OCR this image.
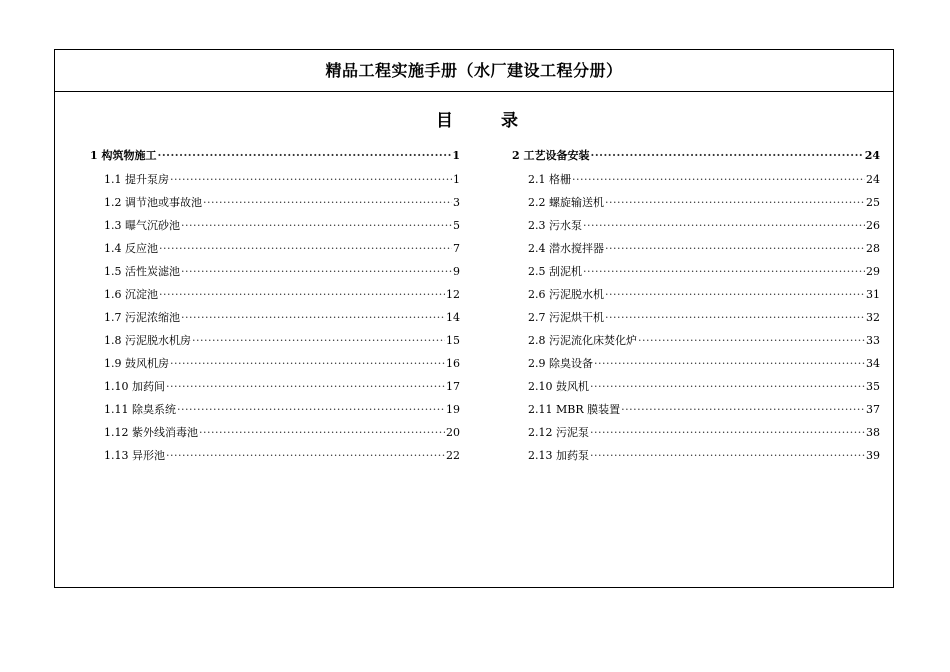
精品工程实施手册（水厂建设工程分册）
目	录
1 构筑物施工 ·····	1
1.1 提升泵房 ·····	1
1.2 调节池或事故池 ·····	3
1.3 曝气沉砂池 ·····	5
1.4 反应池 ·····	7
1.5 活性炭滤池 ·····	9
1.6 沉淀池 ·····	12
1.7 污泥浓缩池 ·····	14
1.8 污泥脱水机房 ·····	15
1.9 鼓风机房 ·····	16
1.10 加药间 ·····	17
1.11 除臭系统 ·····	19
1.12 紫外线消毒池 ·····	20
1.13 异形池 ·····	22
2 工艺设备安装 ·····	24
2.1 格栅 ·····	24
2.2 螺旋输送机 ·····	25
2.3 污水泵 ·····	26
2.4 潜水搅拌器 ·····	28
2.5 刮泥机 ·····	29
2.6 污泥脱水机 ·····	31
2.7 污泥烘干机 ·····	32
2.8 污泥流化床焚化炉 ·····	33
2.9 除臭设备 ·····	34
2.10 鼓风机 ·····	35
2.11 MBR 膜装置 ·····	37
2.12 污泥泵 ·····	38
2.13 加药泵 ·····	39
